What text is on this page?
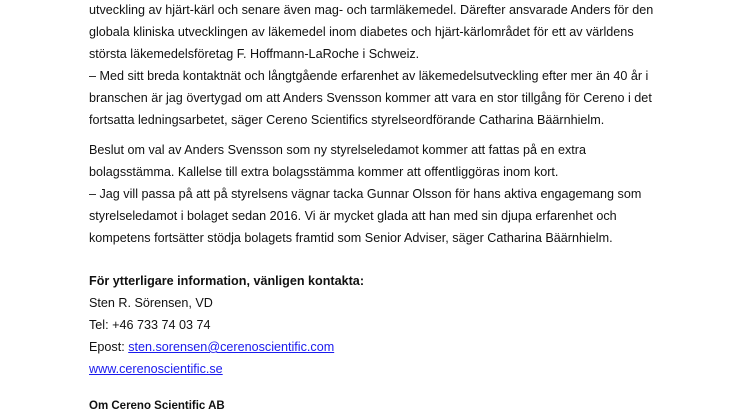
utveckling av hjärt-kärl och senare även mag- och tarmläkemedel. Därefter ansvarade Anders för den
globala kliniska utvecklingen av läkemedel inom diabetes och hjärt-kärlområdet för ett av världens
största läkemedelsföretag F. Hoffmann-LaRoche i Schweiz.
– Med sitt breda kontaktnät och långtgående erfarenhet av läkemedelsutveckling efter mer än 40 år i
branschen är jag övertygad om att Anders Svensson kommer att vara en stor tillgång för Cereno i det
fortsatta ledningsarbetet, säger Cereno Scientifics styrelseordförande Catharina Bäärnhielm.
Beslut om val av Anders Svensson som ny styrelseledamot kommer att fattas på en extra
bolagsstämma. Kallelse till extra bolagsstämma kommer att offentliggöras inom kort.
– Jag vill passa på att på styrelsens vägnar tacka Gunnar Olsson för hans aktiva engagemang som
styrelseledamot i bolaget sedan 2016. Vi är mycket glada att han med sin djupa erfarenhet och
kompetens fortsätter stödja bolagets framtid som Senior Adviser, säger Catharina Bäärnhielm.
För ytterligare information, vänligen kontakta:
Sten R. Sörensen, VD
Tel: +46 733 74 03 74
Epost: sten.sorensen@cerenoscientific.com
www.cerenoscientific.se
Om Cereno Scientific AB
